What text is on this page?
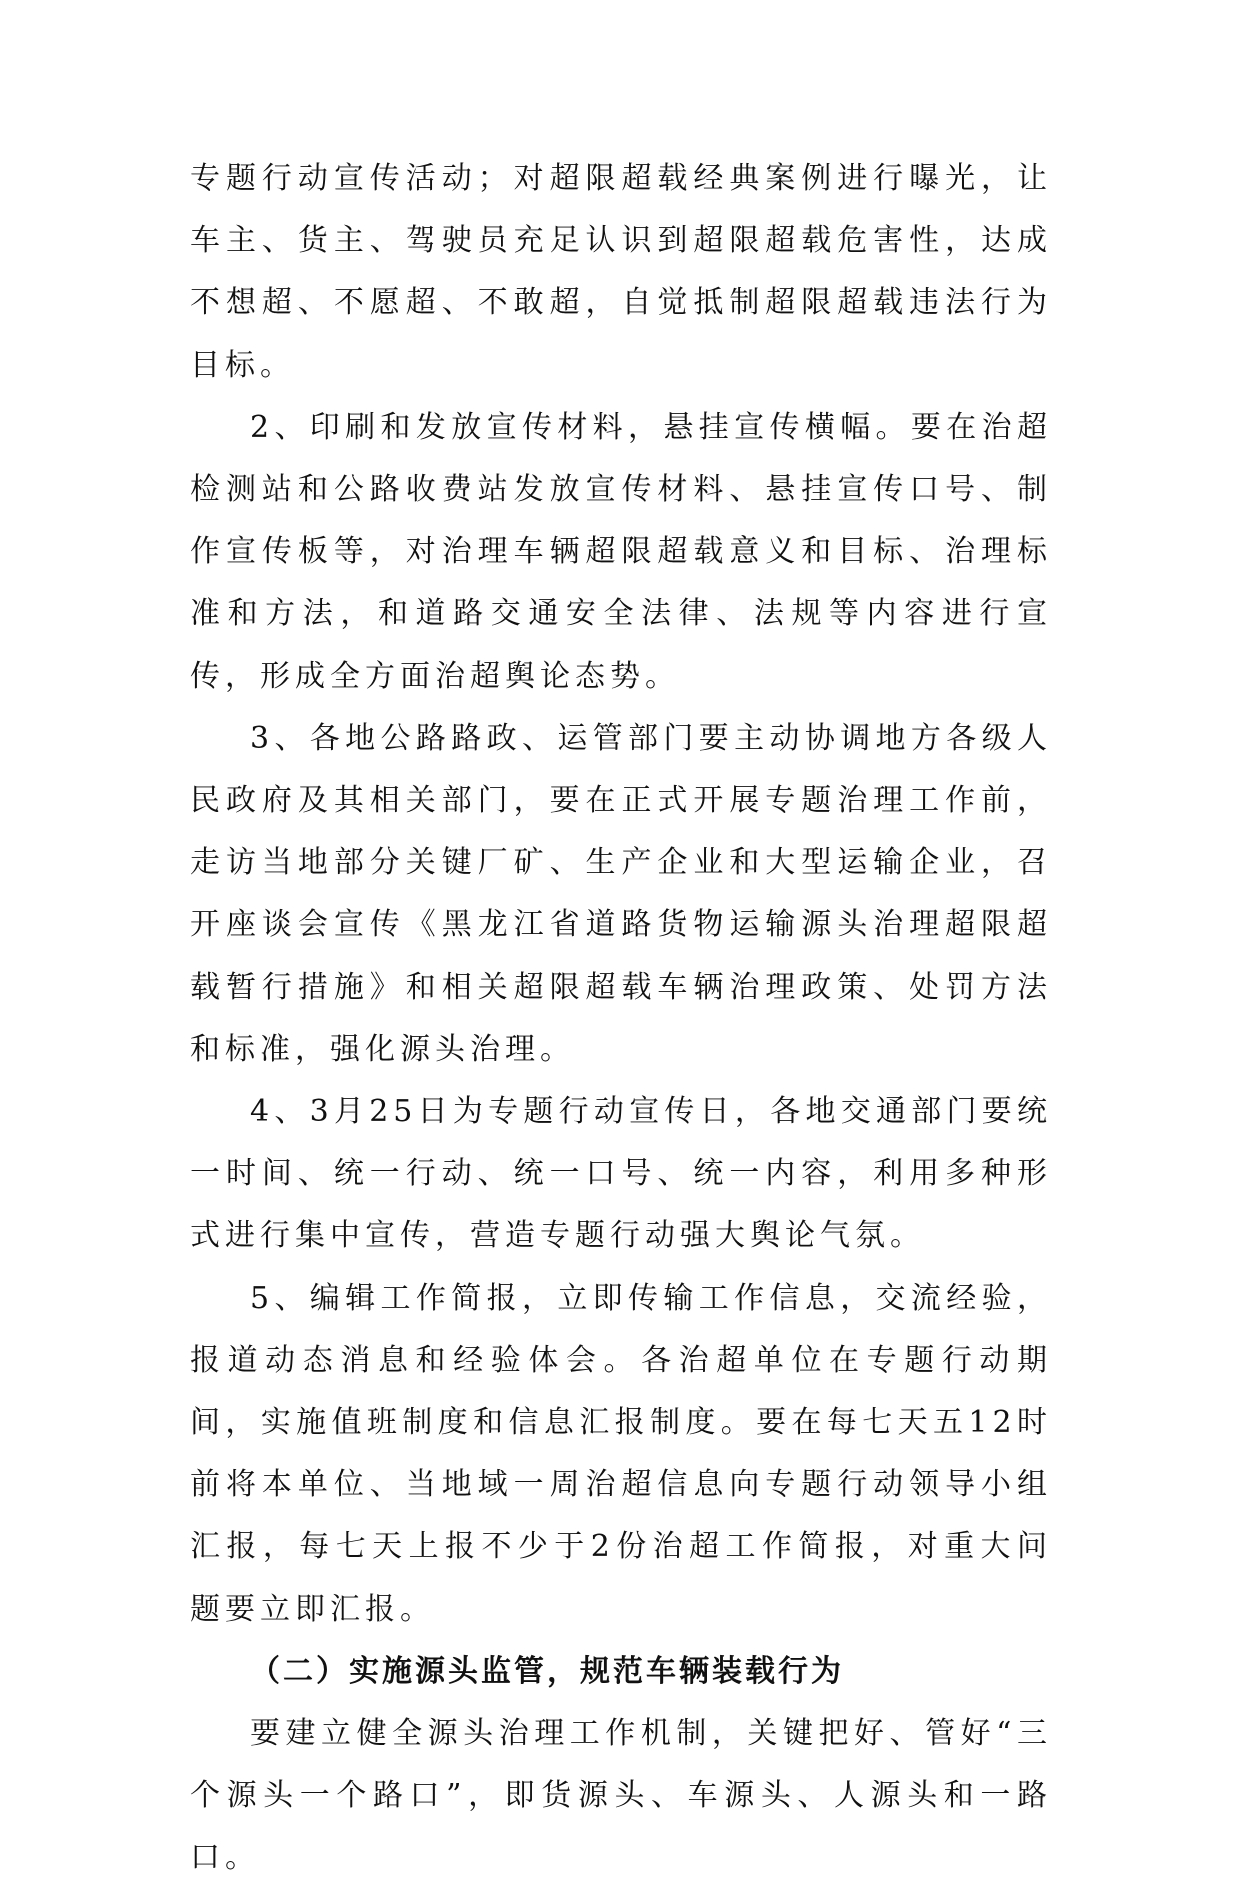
专题行动宣传活动；对超限超载经典案例进行曝光，让车主、货主、驾驶员充足认识到超限超载危害性，达成不想超、不愿超、不敢超，自觉抵制超限超载违法行为目标。

2、印刷和发放宣传材料，悬挂宣传横幅。要在治超检测站和公路收费站发放宣传材料、悬挂宣传口号、制作宣传板等，对治理车辆超限超载意义和目标、治理标准和方法，和道路交通安全法律、法规等内容进行宣传，形成全方面治超舆论态势。

3、各地公路路政、运管部门要主动协调地方各级人民政府及其相关部门，要在正式开展专题治理工作前，走访当地部分关键厂矿、生产企业和大型运输企业，召开座谈会宣传《黑龙江省道路货物运输源头治理超限超载暂行措施》和相关超限超载车辆治理政策、处罚方法和标准，强化源头治理。

4、3月25日为专题行动宣传日，各地交通部门要统一时间、统一行动、统一口号、统一内容，利用多种形式进行集中宣传，营造专题行动强大舆论气氛。

5、编辑工作简报，立即传输工作信息，交流经验，报道动态消息和经验体会。各治超单位在专题行动期间，实施值班制度和信息汇报制度。要在每七天五12时前将本单位、当地域一周治超信息向专题行动领导小组汇报，每七天上报不少于2份治超工作简报，对重大问题要立即汇报。

（二）实施源头监管，规范车辆装载行为

要建立健全源头治理工作机制，关键把好、管好“三个源头一个路口”，即货源头、车源头、人源头和一路口。
